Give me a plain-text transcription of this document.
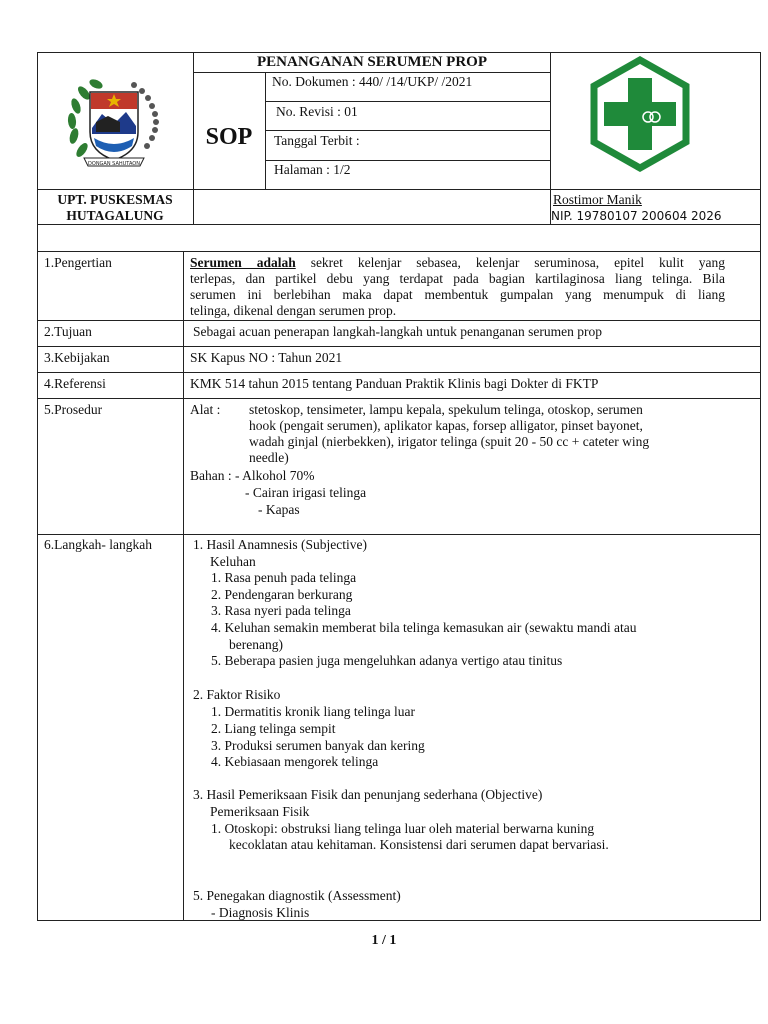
DONGAN SAHUTAON
PENANGANAN SERUMEN PROP
SOP
No. Dokumen : 440/ /14/UKP/ /2021
No. Revisi : 01
Tanggal Terbit :
Halaman : 1/2
UPT. PUSKESMAS
HUTAGALUNG
Rostimor Manik
NIP. 19780107 200604 2026
1.Pengertian	Serumen adalah sekret kelenjar sebasea, kelenjar seruminosa, epitel kulit yang
terlepas, dan partikel debu yang terdapat pada bagian kartilaginosa liang telinga. Bila
serumen ini berlebihan maka dapat membentuk gumpalan yang menumpuk di liang
telinga, dikenal dengan serumen prop.
2.Tujuan	Sebagai acuan penerapan langkah-langkah untuk penanganan serumen prop
3.Kebijakan	SK Kapus NO : Tahun 2021
4.Referensi	KMK 514 tahun 2015 tentang Panduan Praktik Klinis bagi Dokter di FKTP
5.Prosedur	Alat : stetoskop, tensimeter, lampu kepala, spekulum telinga, otoskop, serumen
hook (pengait serumen), aplikator kapas, forsep alligator, pinset bayonet,
wadah ginjal (nierbekken), irigator telinga (spuit 20 - 50 cc + cateter wing
needle)
Bahan : - Alkohol 70%
- Cairan irigasi telinga
- Kapas
6.Langkah- langkah	1. Hasil Anamnesis (Subjective)
Keluhan
1. Rasa penuh pada telinga
2. Pendengaran berkurang
3. Rasa nyeri pada telinga
4. Keluhan semakin memberat bila telinga kemasukan air (sewaktu mandi atau
berenang)
5. Beberapa pasien juga mengeluhkan adanya vertigo atau tinitus
2. Faktor Risiko
1. Dermatitis kronik liang telinga luar
2. Liang telinga sempit
3. Produksi serumen banyak dan kering
4. Kebiasaan mengorek telinga
3. Hasil Pemeriksaan Fisik dan penunjang sederhana (Objective)
Pemeriksaan Fisik
1. Otoskopi: obstruksi liang telinga luar oleh material berwarna kuning
kecoklatan atau kehitaman. Konsistensi dari serumen dapat bervariasi.
5. Penegakan diagnostik (Assessment)
- Diagnosis Klinis
1 / 1
